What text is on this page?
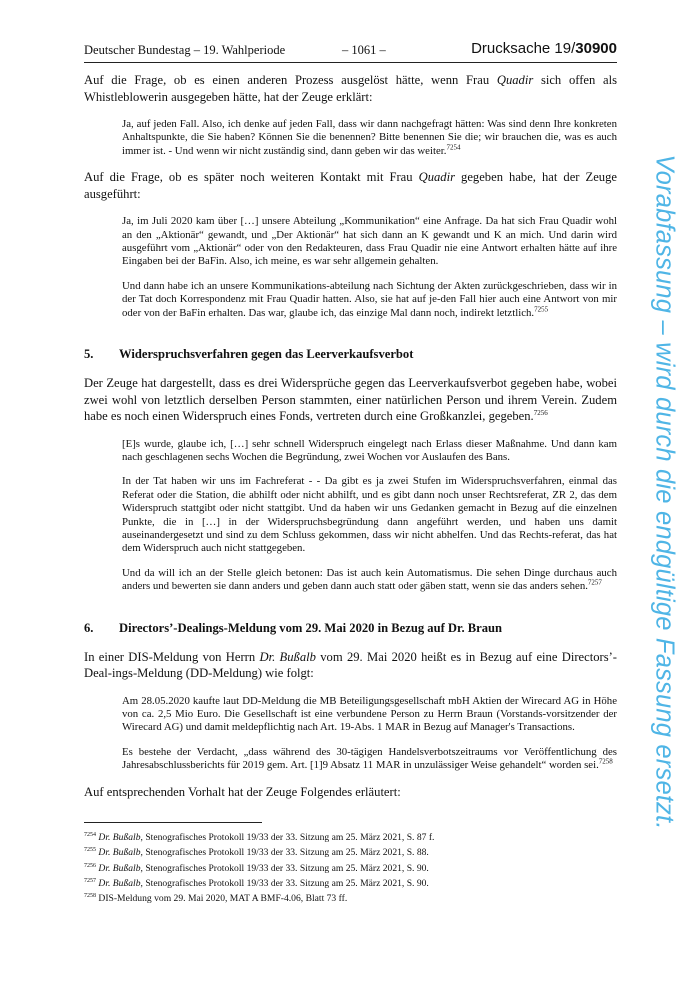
Deutscher Bundestag – 19. Wahlperiode	– 1061 –	Drucksache 19/30900

Auf die Frage, ob es einen anderen Prozess ausgelöst hätte, wenn Frau Quadir sich offen als Whistleblowerin ausgegeben hätte, hat der Zeuge erklärt:

Ja, auf jeden Fall. Also, ich denke auf jeden Fall, dass wir dann nachgefragt hätten: Was sind denn Ihre konkreten Anhaltspunkte, die Sie haben? Können Sie die benennen? Bitte benennen Sie die; wir brauchen die, was es auch immer ist. - Und wenn wir nicht zuständig sind, dann geben wir das weiter.$^{7254}$

Auf die Frage, ob es später noch weiteren Kontakt mit Frau Quadir gegeben habe, hat der Zeuge ausgeführt:

Ja, im Juli 2020 kam über […] unsere Abteilung „Kommunikation“ eine Anfrage. Da hat sich Frau Quadir wohl an den „Aktionär“ gewandt, und „Der Aktionär“ hat sich dann an K gewandt und K an mich. Und darin wird ausgeführt vom „Aktionär“ oder von den Redakteuren, dass Frau Quadir nie eine Antwort erhalten hätte auf ihre Eingaben bei der BaFin. Also, ich meine, es war sehr allgemein gehalten.

Und dann habe ich an unsere Kommunikations-abteilung nach Sichtung der Akten zurückgeschrieben, dass wir in der Tat doch Korrespondenz mit Frau Quadir hatten. Also, sie hat auf je-den Fall hier auch eine Antwort von mir oder von der BaFin erhalten. Das war, glaube ich, das einzige Mal dann noch, indirekt letztlich.$^{7255}$

5. Widerspruchsverfahren gegen das Leerverkaufsverbot

Der Zeuge hat dargestellt, dass es drei Widersprüche gegen das Leerverkaufsverbot gegeben habe, wobei zwei wohl von letztlich derselben Person stammten, einer natürlichen Person und ihrem Verein. Zudem habe es noch einen Widerspruch eines Fonds, vertreten durch eine Großkanzlei, gegeben.$^{7256}$

[E]s wurde, glaube ich, […] sehr schnell Widerspruch eingelegt nach Erlass dieser Maßnahme. Und dann kam nach geschlagenen sechs Wochen die Begründung, zwei Wochen vor Auslaufen des Bans.

In der Tat haben wir uns im Fachreferat - - Da gibt es ja zwei Stufen im Widerspruchsverfahren, einmal das Referat oder die Station, die abhilft oder nicht abhilft, und es gibt dann noch unser Rechtsreferat, ZR 2, das dem Widerspruch stattgibt oder nicht stattgibt. Und da haben wir uns Gedanken gemacht in Bezug auf die einzelnen Punkte, die in […] in der Widerspruchsbegründung dann angeführt werden, und haben uns damit auseinandergesetzt und sind zu dem Schluss gekommen, dass wir nicht abhelfen. Und das Rechts-referat, das hat dem Widerspruch auch nicht stattgegeben.

Und da will ich an der Stelle gleich betonen: Das ist auch kein Automatismus. Die sehen Dinge durchaus auch anders und bewerten sie dann anders und geben dann auch statt oder gäben statt, wenn sie das anders sehen.$^{7257}$

6. Directors’-Dealings-Meldung vom 29. Mai 2020 in Bezug auf Dr. Braun

In einer DIS-Meldung von Herrn Dr. Bußalb vom 29. Mai 2020 heißt es in Bezug auf eine Directors’-Deal-ings-Meldung (DD-Meldung) wie folgt:

Am 28.05.2020 kaufte laut DD-Meldung die MB Beteiligungsgesellschaft mbH Aktien der Wirecard AG in Höhe von ca. 2,5 Mio Euro. Die Gesellschaft ist eine verbundene Person zu Herrn Braun (Vorstands-vorsitzender der Wirecard AG) und damit meldepflichtig nach Art. 19-Abs. 1 MAR in Bezug auf Manager's Transactions.

Es bestehe der Verdacht, „dass während des 30-tägigen Handelsverbotszeitraums vor Veröffentlichung des Jahresabschlussberichts für 2019 gem. Art. [1]9 Absatz 11 MAR in unzulässiger Weise gehandelt“ worden sei.$^{7258}$

Auf entsprechenden Vorhalt hat der Zeuge Folgendes erläutert:

$^{7254}$ Dr. Bußalb, Stenografisches Protokoll 19/33 der 33. Sitzung am 25. März 2021, S. 87 f.
$^{7255}$ Dr. Bußalb, Stenografisches Protokoll 19/33 der 33. Sitzung am 25. März 2021, S. 88.
$^{7256}$ Dr. Bußalb, Stenografisches Protokoll 19/33 der 33. Sitzung am 25. März 2021, S. 90.
$^{7257}$ Dr. Bußalb, Stenografisches Protokoll 19/33 der 33. Sitzung am 25. März 2021, S. 90.
$^{7258}$ DIS-Meldung vom 29. Mai 2020, MAT A BMF-4.06, Blatt 73 ff.
Vorabfassung – wird durch die endgültige Fassung ersetzt.
